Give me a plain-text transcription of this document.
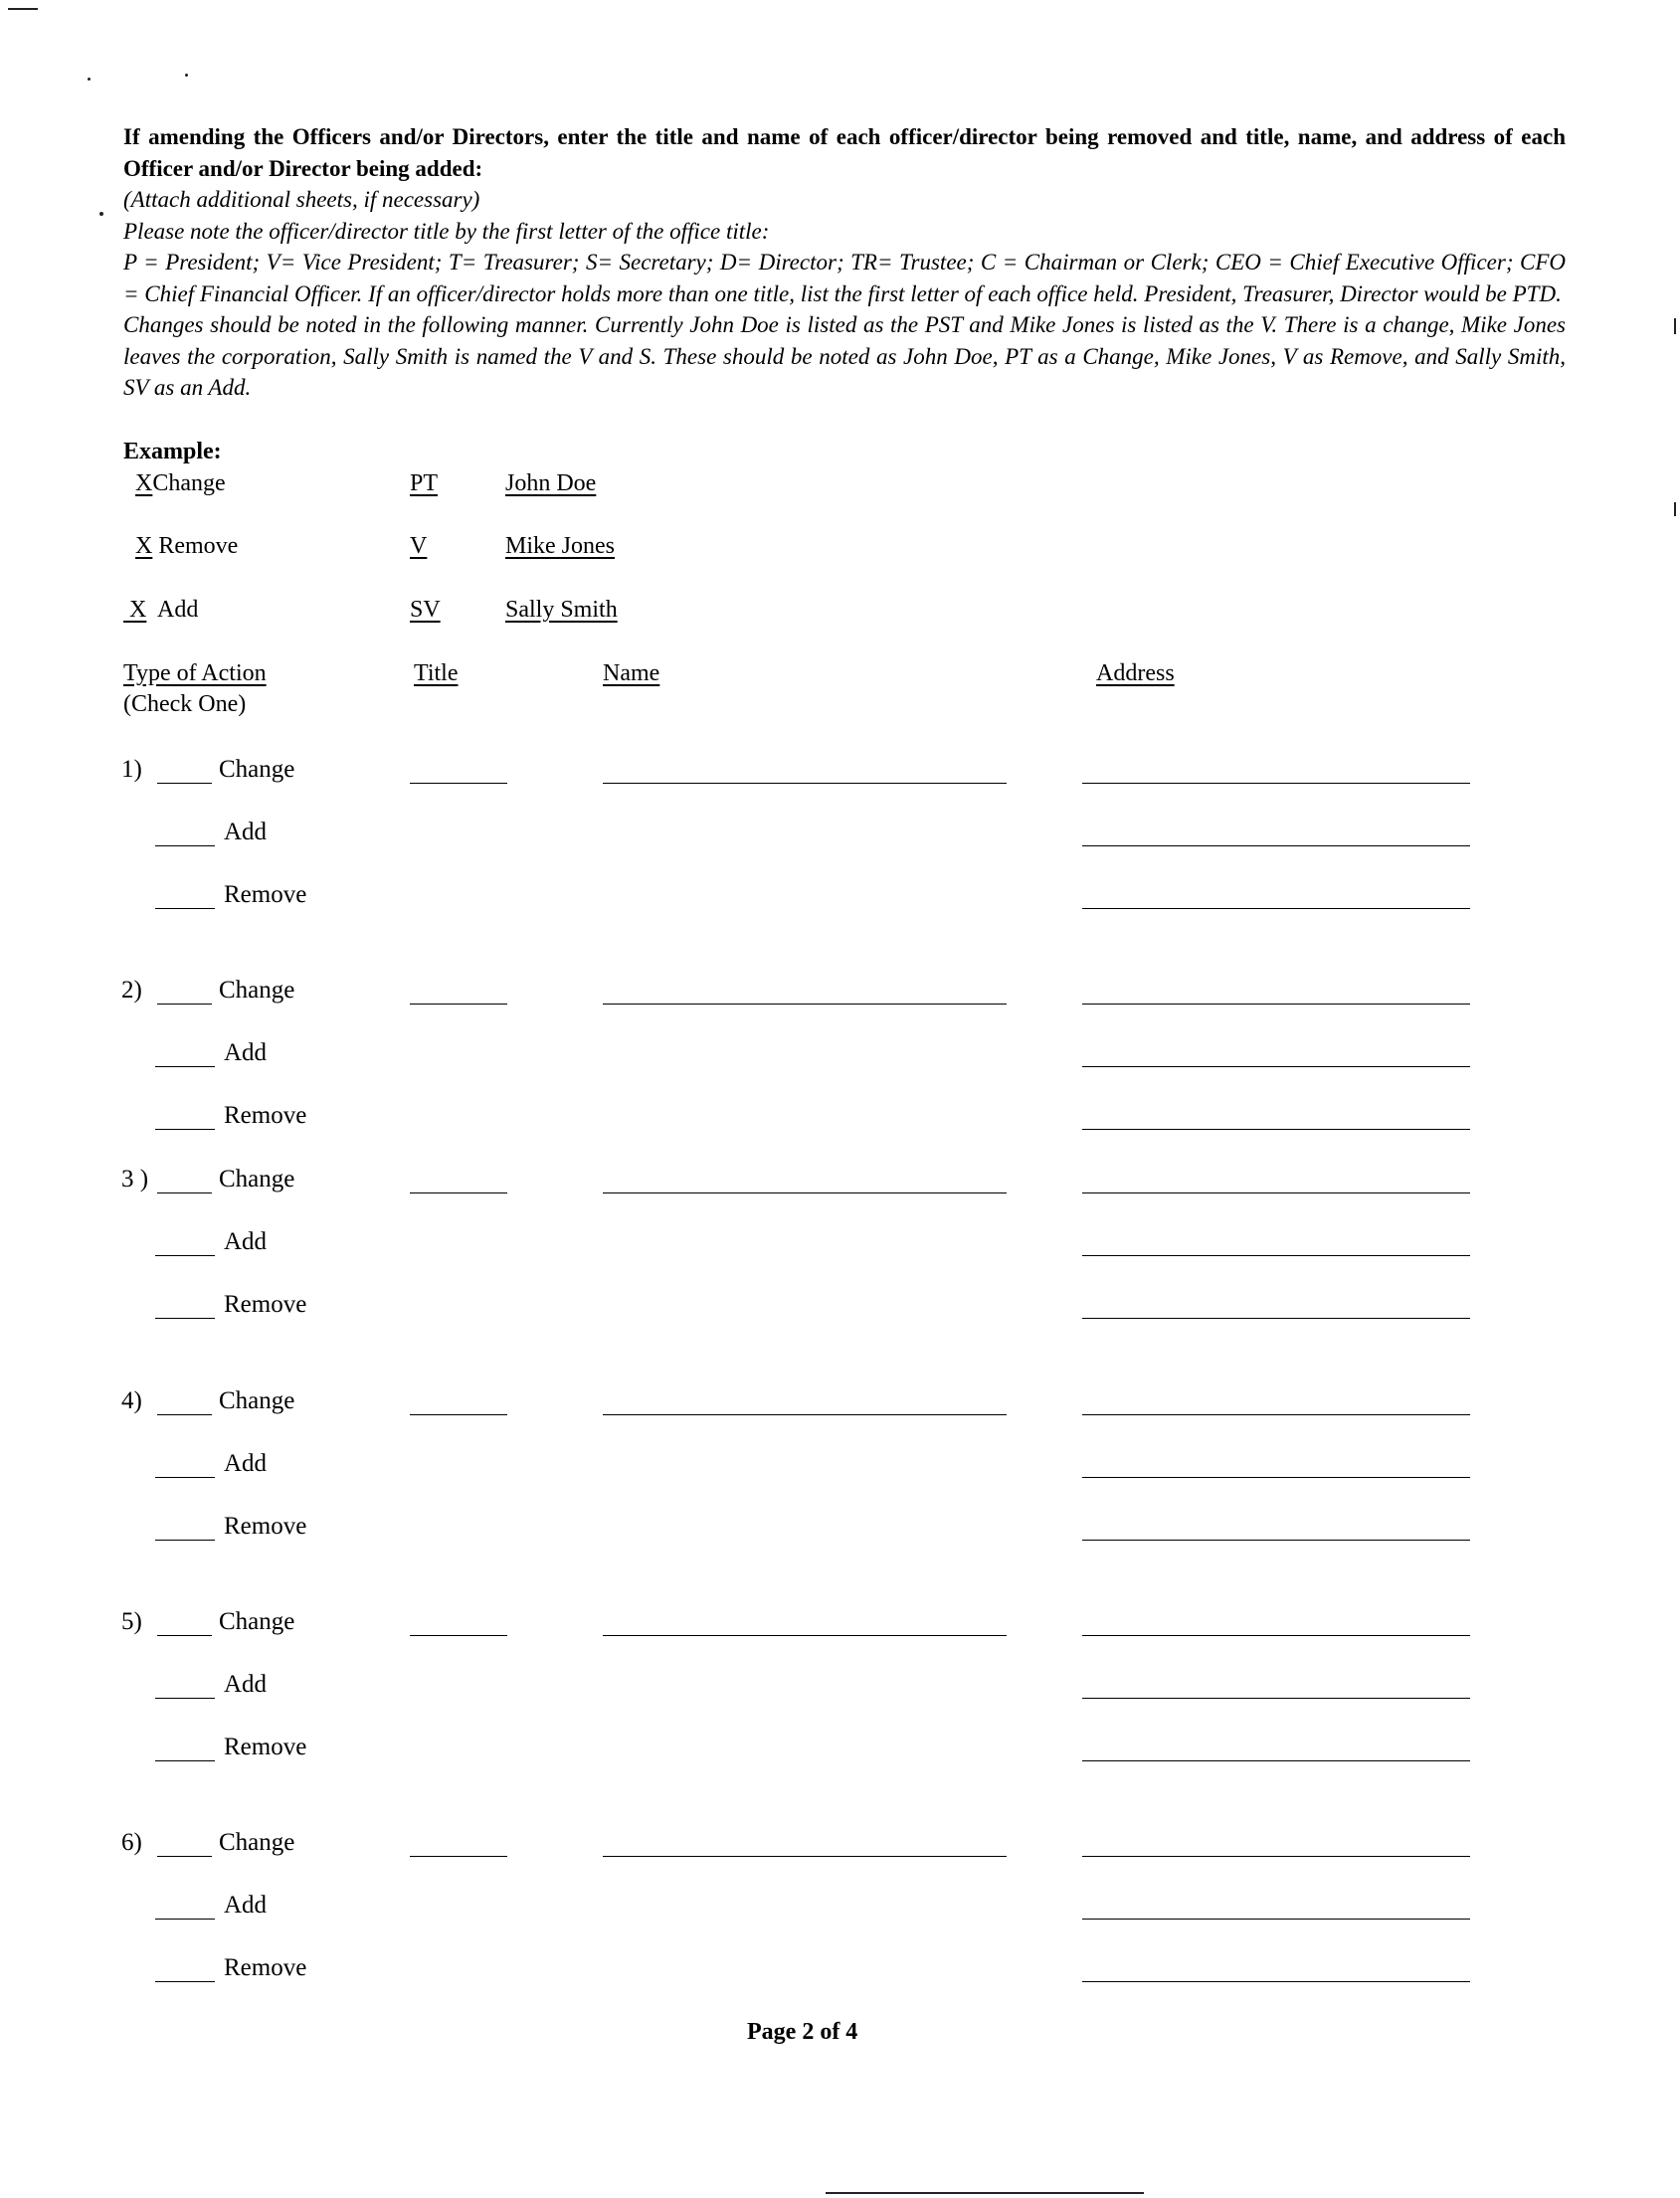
If amending the Officers and/or Directors, enter the title and name of each officer/director being removed and title, name, and address of each Officer and/or Director being added:

(Attach additional sheets, if necessary)

Please note the officer/director title by the first letter of the office title:

P = President; V= Vice President; T= Treasurer; S= Secretary; D= Director; TR= Trustee; C = Chairman or Clerk; CEO = Chief Executive Officer; CFO = Chief Financial Officer. If an officer/director holds more than one title, list the first letter of each office held. President, Treasurer, Director would be PTD.

Changes should be noted in the following manner. Currently John Doe is listed as the PST and Mike Jones is listed as the V. There is a change, Mike Jones leaves the corporation, Sally Smith is named the V and S. These should be noted as John Doe, PT as a Change, Mike Jones, V as Remove, and Sally Smith, SV as an Add.

Example:
XChange	PT	John Doe
X Remove	V	Mike Jones
X Add	SV	Sally Smith
Type of Action
(Check One)
Title	Name	Address
1)	Change
Add
Remove
2)	Change
Add
Remove
3 )	Change
Add
Remove
4)	Change
Add
Remove
5)	Change
Add
Remove
6)	Change
Add
Remove
Page 2 of 4
